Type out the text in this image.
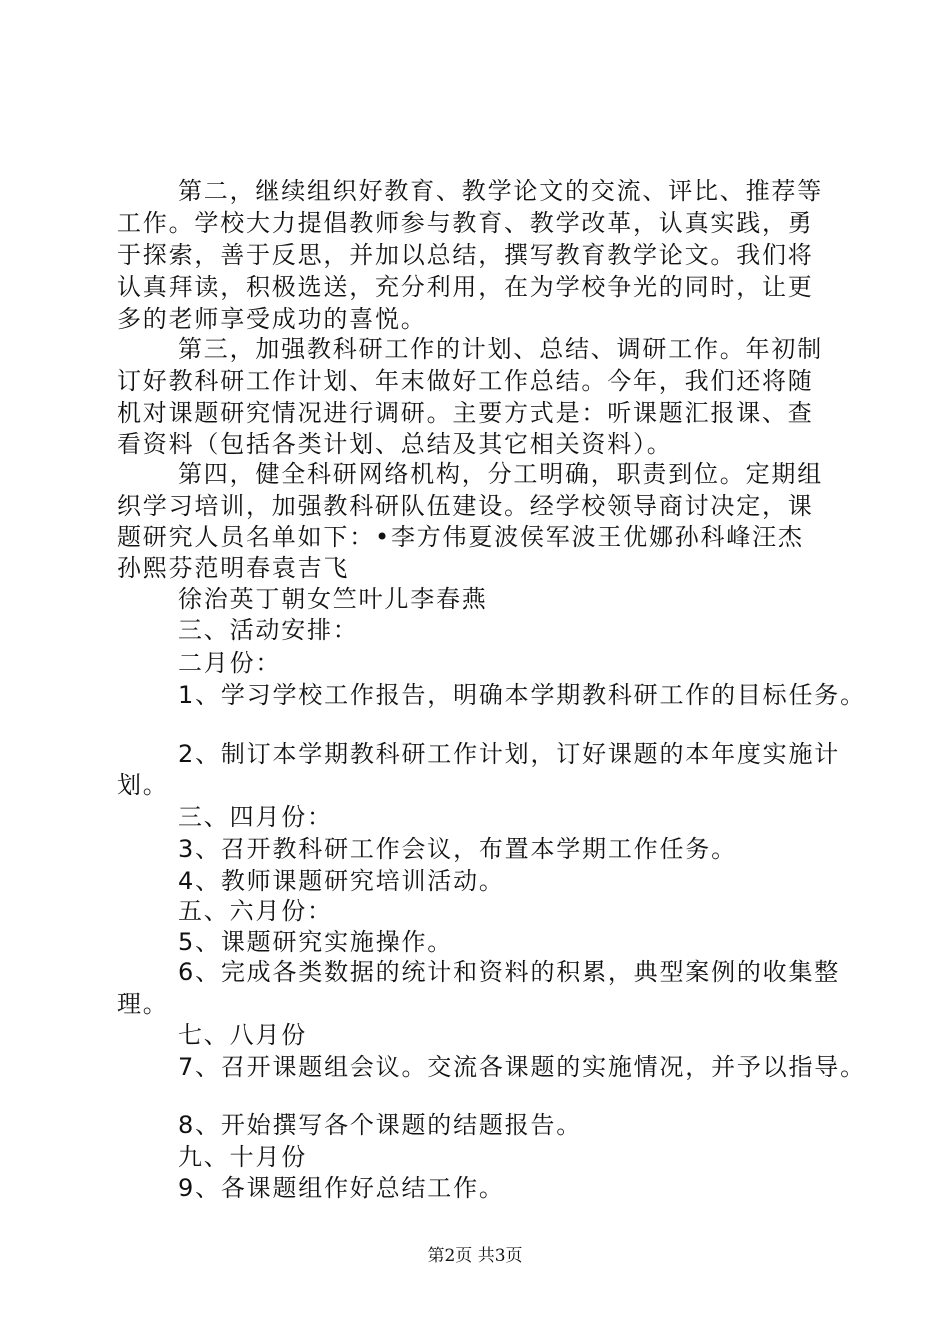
第二，继续组织好教育、教学论文的交流、评比、推荐等
工作。学校大力提倡教师参与教育、教学改革，认真实践，勇
于探索，善于反思，并加以总结，撰写教育教学论文。我们将
认真拜读，积极选送，充分利用，在为学校争光的同时，让更
多的老师享受成功的喜悦。
第三，加强教科研工作的计划、总结、调研工作。年初制
订好教科研工作计划、年末做好工作总结。今年，我们还将随
机对课题研究情况进行调研。主要方式是：听课题汇报课、查
看资料（包括各类计划、总结及其它相关资料）。
第四，健全科研网络机构，分工明确，职责到位。定期组
织学习培训，加强教科研队伍建设。经学校领导商讨决定，课
题研究人员名单如下：•李方伟夏波侯军波王优娜孙科峰汪杰
孙熙芬范明春袁吉飞
徐治英丁朝女竺叶儿李春燕
三、活动安排：
二月份：
1、学习学校工作报告，明确本学期教科研工作的目标任务。
2、制订本学期教科研工作计划，订好课题的本年度实施计
划。
三、四月份：
3、召开教科研工作会议，布置本学期工作任务。
4、教师课题研究培训活动。
五、六月份：
5、课题研究实施操作。
6、完成各类数据的统计和资料的积累，典型案例的收集整
理。
七、八月份
7、召开课题组会议。交流各课题的实施情况，并予以指导。
8、开始撰写各个课题的结题报告。
九、十月份
9、各课题组作好总结工作。
第2页 共3页
